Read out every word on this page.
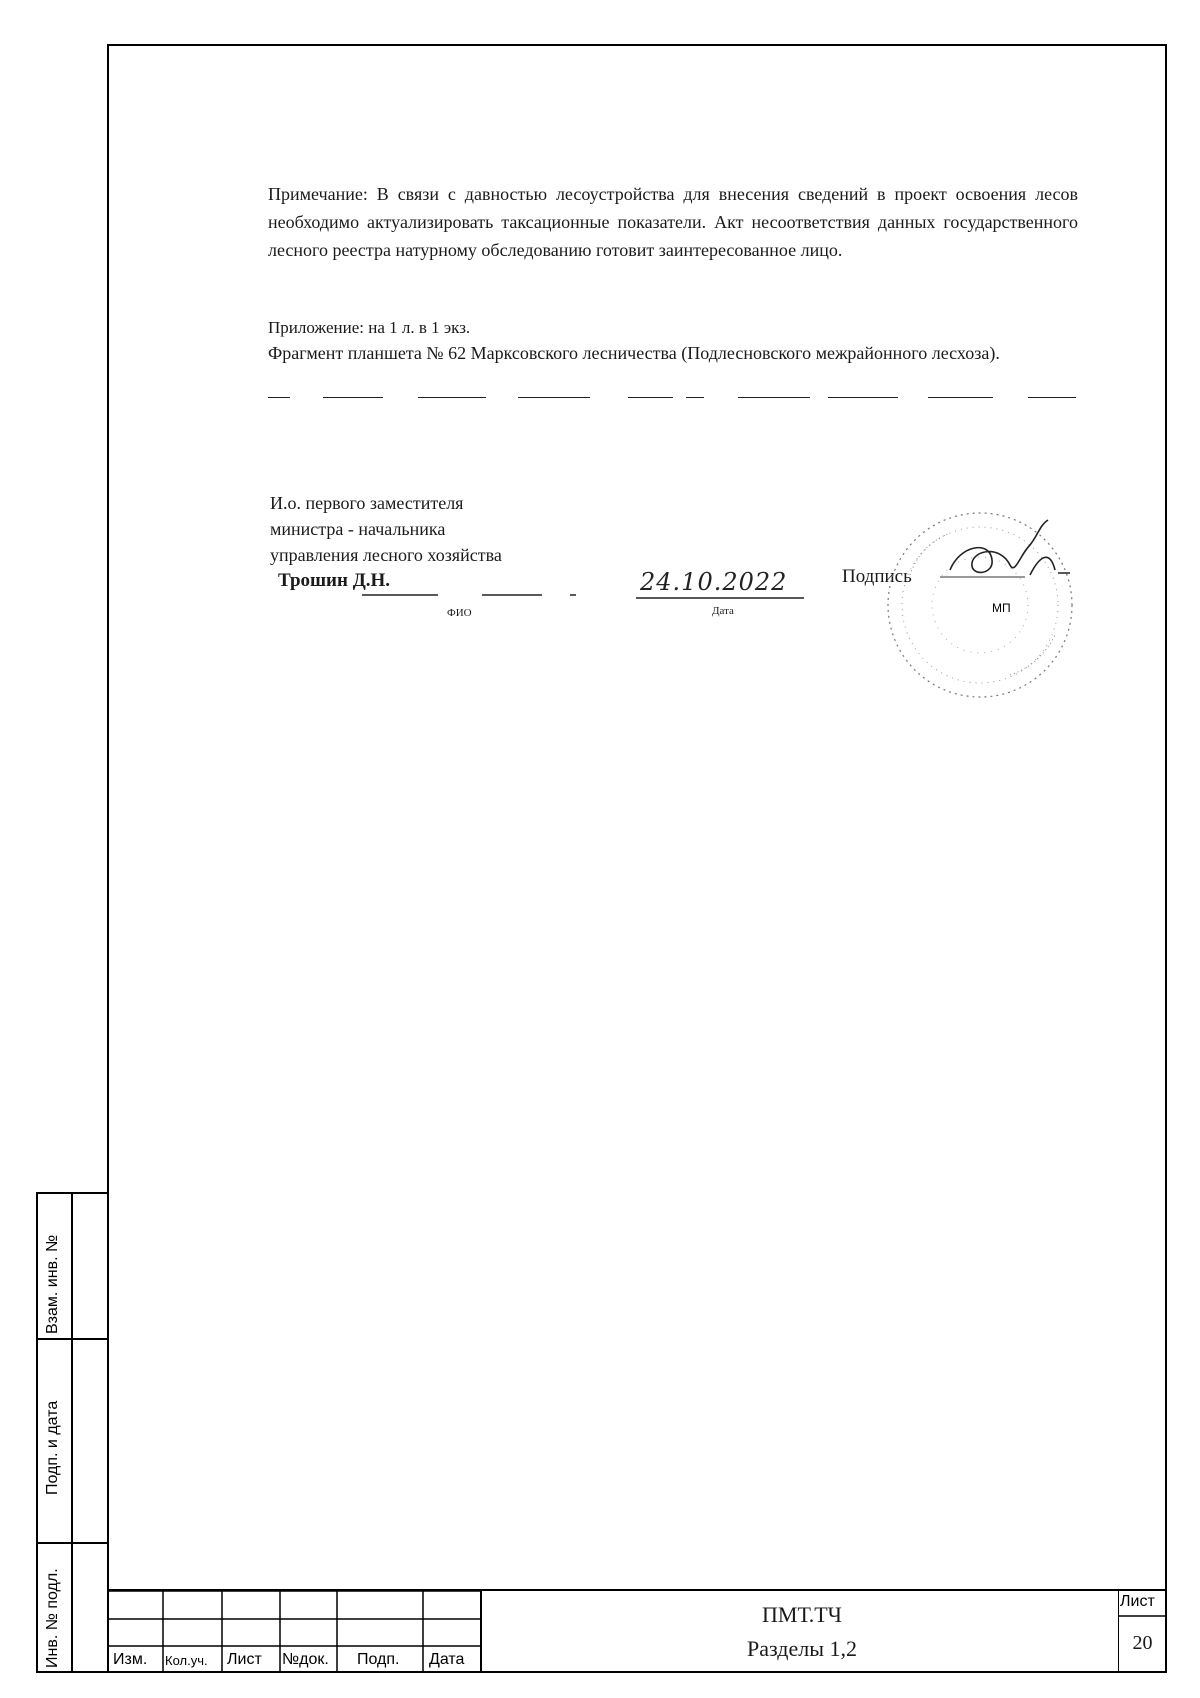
Взам. инв. №
Подп. и дата
Инв. № подл.
Примечание: В связи с давностью лесоустройства для внесения сведений в проект освоения лесов необходимо актуализировать таксационные показатели. Акт несоответствия данных государственного лесного реестра натурному обследованию готовит заинтересованное лицо.
Приложение: на 1 л. в 1 экз.
Фрагмент планшета № 62 Марксовского лесничества (Подлесновского межрайонного лесхоза).
И.о. первого заместителя
министра - начальника
управления лесного хозяйства
Трошин Д.Н.
ФИО
24.10.2022
Дата
Подпись
МП
Изм. Кол.уч. Лист №док. Подп. Дата
ПМТ.ТЧ
Разделы 1,2
Лист
20
